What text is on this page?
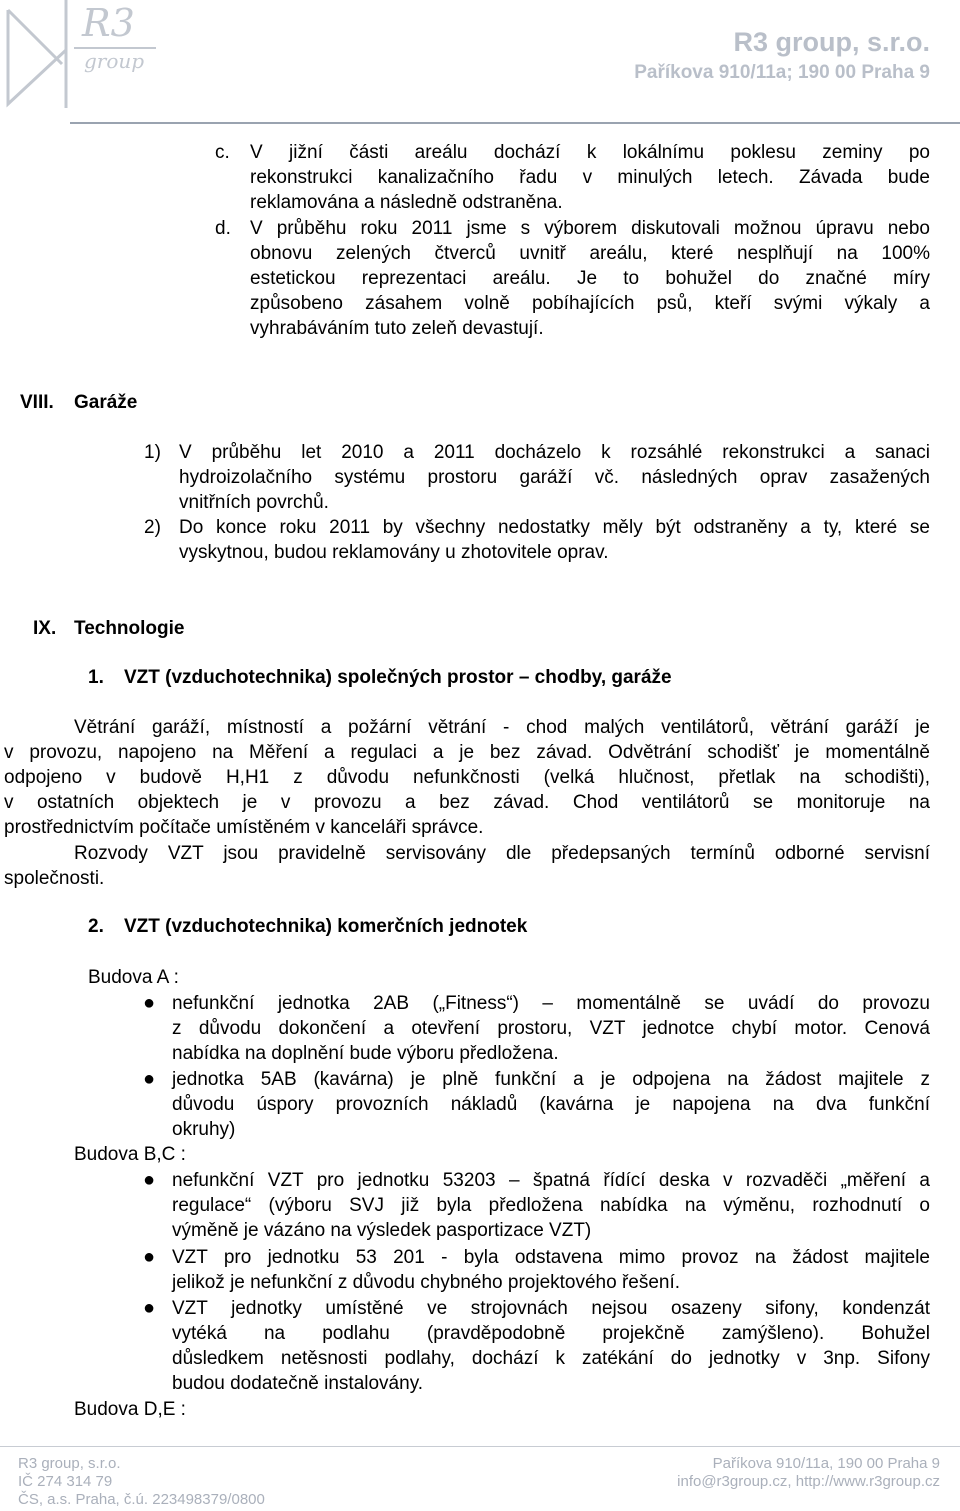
R3
group
R3 group, s.r.o.
Paříkova 910/11a; 190 00 Praha 9
c. V jižní části areálu dochází k lokálnímu poklesu zeminy po
rekonstrukci kanalizačního řadu v minulých letech. Závada bude
reklamována a následně odstraněna.
d. V průběhu roku 2011 jsme s výborem diskutovali možnou úpravu nebo
obnovu zelených čtverců uvnitř areálu, které nesplňují na 100%
estetickou reprezentaci areálu. Je to bohužel do značné míry
způsobeno zásahem volně pobíhajících psů, kteří svými výkaly a
vyhrabáváním tuto zeleň devastují.
VIII. Garáže
1) V průběhu let 2010 a 2011 docházelo k rozsáhlé rekonstrukci a sanaci
hydroizolačního systému prostoru garáží vč. následných oprav zasažených
vnitřních povrchů.
2) Do konce roku 2011 by všechny nedostatky měly být odstraněny a ty, které se
vyskytnou, budou reklamovány u zhotovitele oprav.
IX. Technologie
1. VZT (vzduchotechnika) společných prostor – chodby, garáže
Větrání garáží, místností a požární větrání - chod malých ventilátorů, větrání garáží je
v provozu, napojeno na Měření a regulaci a je bez závad. Odvětrání schodišť je momentálně
odpojeno v budově H,H1 z důvodu nefunkčnosti (velká hlučnost, přetlak na schodišti),
v ostatních objektech je v provozu a bez závad. Chod ventilátorů se monitoruje na
prostřednictvím počítače umístěném v kanceláři správce.
Rozvody VZT jsou pravidelně servisovány dle předepsaných termínů odborné servisní
společnosti.
2. VZT (vzduchotechnika) komerčních jednotek
Budova A :
● nefunkční jednotka 2AB („Fitness“) – momentálně se uvádí do provozu
z důvodu dokončení a otevření prostoru, VZT jednotce chybí motor. Cenová
nabídka na doplnění bude výboru předložena.
● jednotka 5AB (kavárna) je plně funkční a je odpojena na žádost majitele z
důvodu úspory provozních nákladů (kavárna je napojena na dva funkční
okruhy)
Budova B,C :
● nefunkční VZT pro jednotku 53203 – špatná řídící deska v rozvaděči „měření a
regulace“ (výboru SVJ již byla předložena nabídka na výměnu, rozhodnutí o
výměně je vázáno na výsledek pasportizace VZT)
● VZT pro jednotku 53 201 - byla odstavena mimo provoz na žádost majitele
jelikož je nefunkční z důvodu chybného projektového řešení.
● VZT jednotky umístěné ve strojovnách nejsou osazeny sifony, kondenzát
vytéká na podlahu (pravděpodobně projekčně zamýšleno). Bohužel
důsledkem netěsnosti podlahy, dochází k zatékání do jednotky v 3np. Sifony
budou dodatečně instalovány.
Budova D,E :
R3 group, s.r.o.
IČ 274 314 79
ČS, a.s. Praha, č.ú. 223498379/0800
Paříkova 910/11a, 190 00 Praha 9
info@r3group.cz, http://www.r3group.cz
